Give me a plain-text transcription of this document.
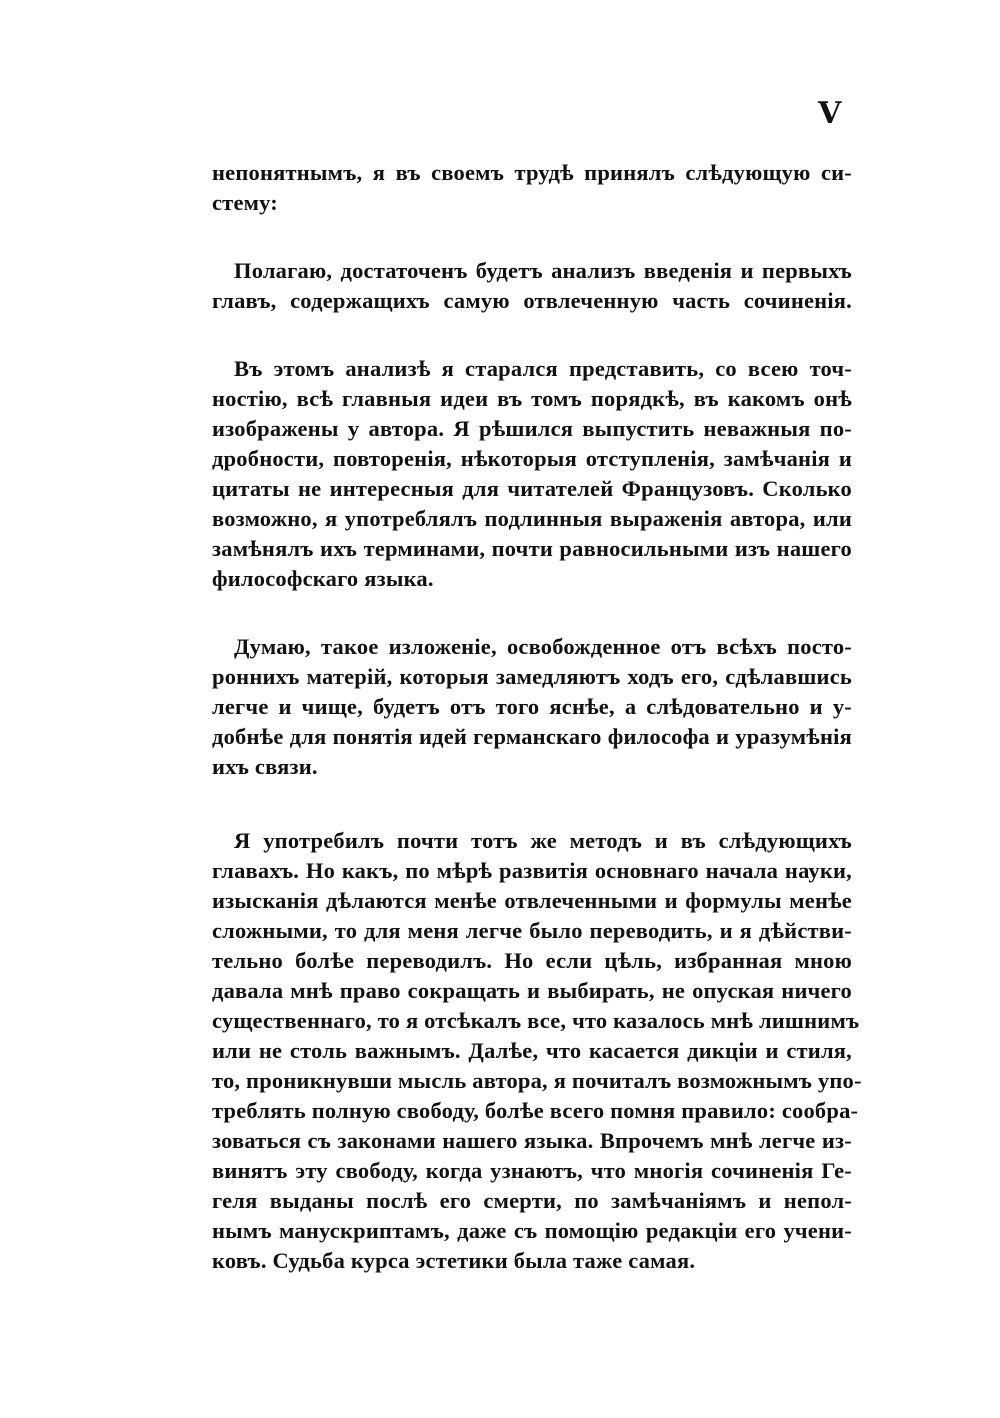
V
непонятнымъ, я въ своемъ трудѣ принялъ слѣдующую си-
стему:
Полагаю, достаточенъ будетъ анализъ введенія и первыхъ
главъ, содержащихъ самую отвлеченную часть сочиненія.
Въ этомъ анализѣ я старался представить, со всею точ-
ностію, всѣ главныя идеи въ томъ порядкѣ, въ какомъ онѣ
изображены у автора. Я рѣшился выпустить неважныя по-
дробности, повторенія, нѣкоторыя отступленія, замѣчанія и
цитаты не интересныя для читателей Французовъ. Сколько
возможно, я употреблялъ подлинныя выраженія автора, или
замѣнялъ ихъ терминами, почти равносильными изъ нашего
философскаго языка.
Думаю, такое изложеніе, освобожденное отъ всѣхъ посто-
роннихъ матерій, которыя замедляютъ ходъ его, сдѣлавшись
легче и чище, будетъ отъ того яснѣе, а слѣдовательно и у-
добнѣе для понятія идей германскаго философа и уразумѣнія
ихъ связи.
Я употребилъ почти тотъ же методъ и въ слѣдующихъ
главахъ. Но какъ, по мѣрѣ развитія основнаго начала науки,
изысканія дѣлаются менѣе отвлеченными и формулы менѣе
сложными, то для меня легче было переводить, и я дѣйстви-
тельно болѣе переводилъ. Но если цѣль, избранная мною
давала мнѣ право сокращать и выбирать, не опуская ничего
существеннаго, то я отсѣкалъ все, что казалось мнѣ лишнимъ
или не столь важнымъ. Далѣе, что касается дикціи и стиля,
то, проникнувши мысль автора, я почиталъ возможнымъ упо-
треблять полную свободу, болѣе всего помня правило: сообра-
зоваться съ законами нашего языка. Впрочемъ мнѣ легче из-
винятъ эту свободу, когда узнаютъ, что многія сочиненія Ге-
геля выданы послѣ его смерти, по замѣчаніямъ и непол-
нымъ манускриптамъ, даже съ помощію редакціи его учени-
ковъ. Судьба курса эстетики была таже самая.
